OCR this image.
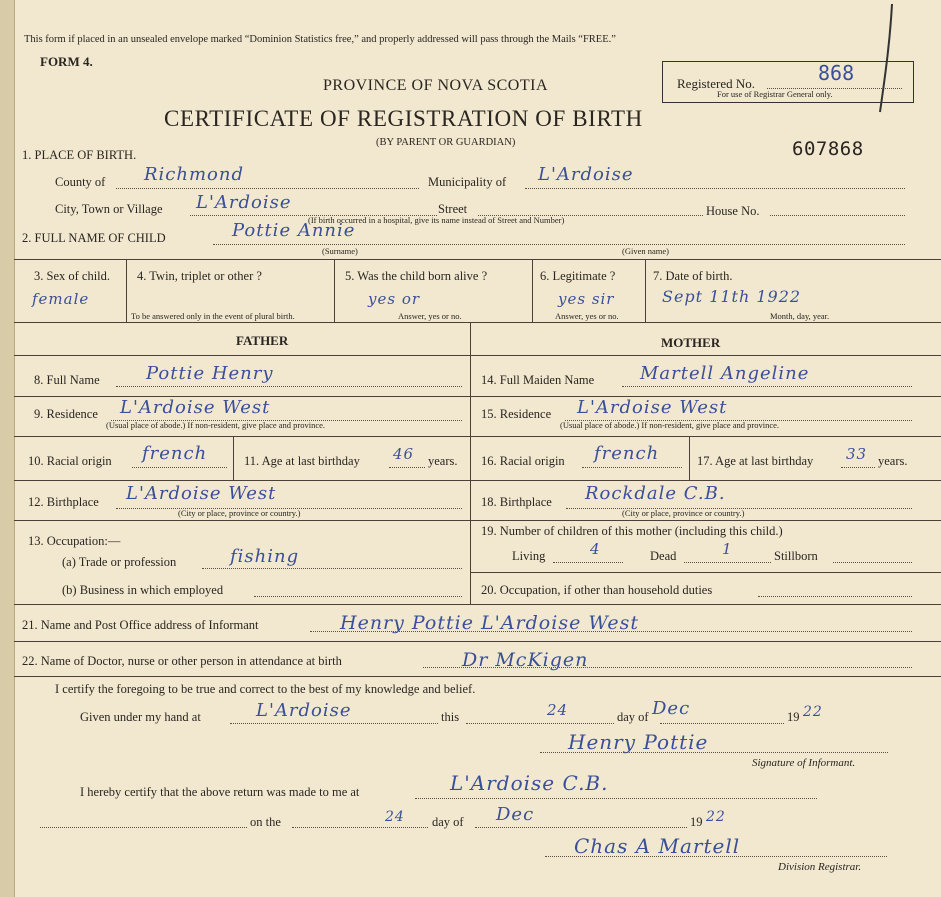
This form if placed in an unsealed envelope marked “Dominion Statistics free,” and properly addressed will pass through the Mails “FREE.”
FORM 4.
PROVINCE OF NOVA SCOTIA
CERTIFICATE OF REGISTRATION OF BIRTH
(BY PARENT OR GUARDIAN)
Registered No.	868
For use of Registrar General only.
607868
1. PLACE OF BIRTH.
County of Richmond	Municipality of L'Ardoise
City, Town or Village L'Ardoise	Street	House No.
(If birth occurred in a hospital, give its name instead of Street and Number)
2. FULL NAME OF CHILD	Pottie Annie
(Surname)	(Given name)
3. Sex of child.
female
4. Twin, triplet or other ?
To be answered only in the event of plural birth.
5. Was the child born alive ?
yes or
Answer, yes or no.
6. Legitimate ?
yes sir
Answer, yes or no.
7. Date of birth.
Sept 11th 1922
Month, day, year.
FATHER	MOTHER
8. Full Name	Pottie Henry	14. Full Maiden Name	Martell Angeline
9. Residence L'Ardoise West
(Usual place of abode.) If non-resident, give place and province.
15. Residence L'Ardoise West
(Usual place of abode.) If non-resident, give place and province.
10. Racial origin french	11. Age at last birthday 46 years. 16. Racial origin french	17. Age at last birthday 33 years.
12. Birthplace L'Ardoise West
(City or place, province or country.)
18. Birthplace Rockdale C.B.
(City or place, province or country.)
13. Occupation:—
(a) Trade or profession	fishing
(b) Business in which employed
19. Number of children of this mother (including this child.)
Living	4	Dead	1	Stillborn
20. Occupation, if other than household duties
21. Name and Post Office address of Informant	Henry Pottie L'Ardoise West
22. Name of Doctor, nurse or other person in attendance at birth	Dr McKigen
I certify the foregoing to be true and correct to the best of my knowledge and belief.
Given under my hand at	L'Ardoise	this	24	day of Dec	19 22
Henry Pottie
Signature of Informant.
I hereby certify that the above return was made to me at	L'Ardoise C.B.
on the	24 day of Dec	19 22
Chas A Martell
Division Registrar.
